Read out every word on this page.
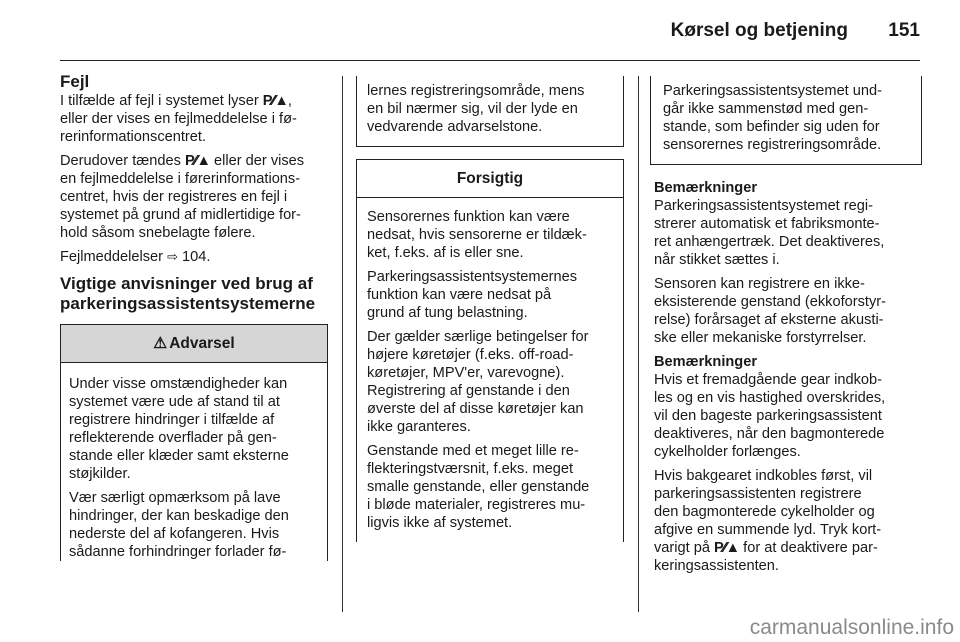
Kørsel og betjening 151
Fejl

I tilfælde af fejl i systemet lyser P⁄⁄▲,
eller der vises en fejlmeddelelse i fø-
rerinformationscentret.

Derudover tændes P⁄⁄▲ eller der vises
en fejlmeddelelse i førerinformations-
centret, hvis der registreres en fejl i
systemet på grund af midlertidige for-
hold såsom snebelagte følere.

Fejlmeddelelser ⇨ 104.

Vigtige anvisninger ved brug af
parkeringsassistentsystemerne
⚠ Advarsel

Under visse omstændigheder kan
systemet være ude af stand til at
registrere hindringer i tilfælde af
reflekterende overflader på gen-
stande eller klæder samt eksterne
støjkilder.

Vær særligt opmærksom på lave
hindringer, der kan beskadige den
nederste del af kofangeren. Hvis
sådanne forhindringer forlader fø-

lernes registreringsområde, mens
en bil nærmer sig, vil der lyde en
vedvarende advarselstone.

Forsigtig

Sensorernes funktion kan være
nedsat, hvis sensorerne er tildæk-
ket, f.eks. af is eller sne.

Parkeringsassistentsystemernes
funktion kan være nedsat på
grund af tung belastning.

Der gælder særlige betingelser for
højere køretøjer (f.eks. off-road-
køretøjer, MPV'er, varevogne).
Registrering af genstande i den
øverste del af disse køretøjer kan
ikke garanteres.

Genstande med et meget lille re-
flekteringstværsnit, f.eks. meget
smalle genstande, eller genstande
i bløde materialer, registreres mu-
ligvis ikke af systemet.

Parkeringsassistentsystemet und-
går ikke sammenstød med gen-
stande, som befinder sig uden for
sensorernes registreringsområde.

Bemærkninger

Parkeringsassistentsystemet regi-
strerer automatisk et fabriksmonte-
ret anhængertræk. Det deaktiveres,
når stikket sættes i.

Sensoren kan registrere en ikke-
eksisterende genstand (ekkoforstyr-
relse) forårsaget af eksterne akusti-
ske eller mekaniske forstyrrelser.

Bemærkninger

Hvis et fremadgående gear indkob-
les og en vis hastighed overskrides,
vil den bageste parkeringsassistent
deaktiveres, når den bagmonterede
cykelholder forlænges.

Hvis bakgearet indkobles først, vil
parkeringsassistenten registrere
den bagmonterede cykelholder og
afgive en summende lyd. Tryk kort-
varigt på P⁄⁄▲ for at deaktivere par-
keringsassistenten.

carmanualsonline.info
